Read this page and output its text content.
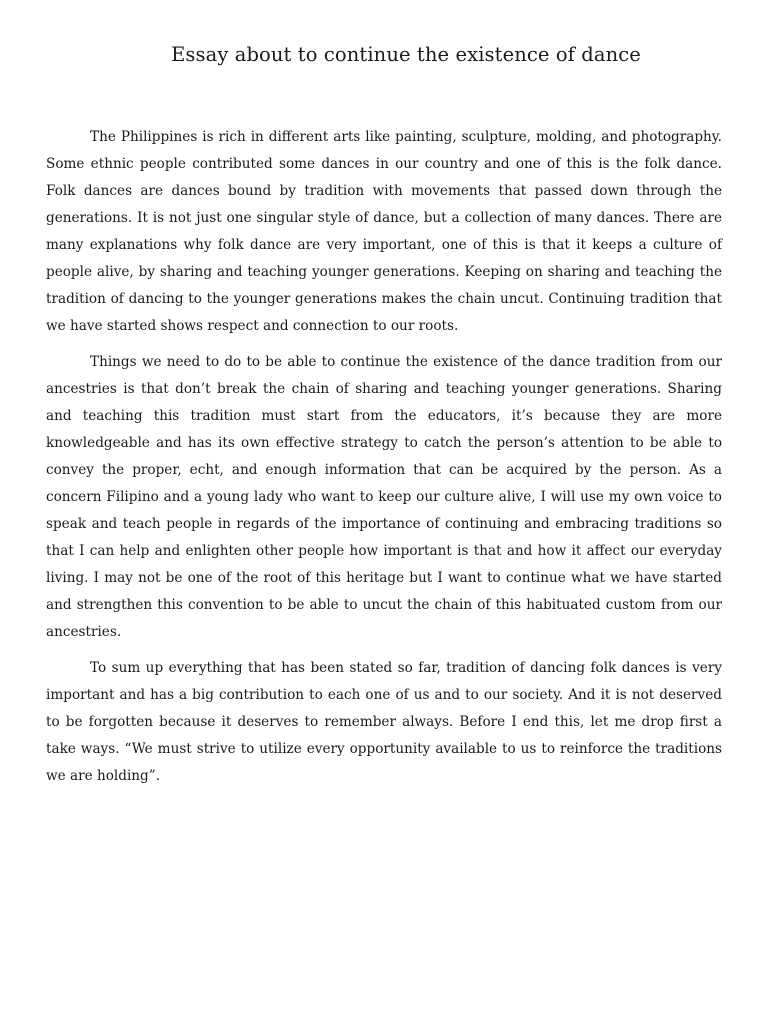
Essay about to continue the existence of dance

The Philippines is rich in different arts like painting, sculpture, molding, and photography. Some ethnic people contributed some dances in our country and one of this is the folk dance. Folk dances are dances bound by tradition with movements that passed down through the generations. It is not just one singular style of dance, but a collection of many dances. There are many explanations why folk dance are very important, one of this is that it keeps a culture of people alive, by sharing and teaching younger generations. Keeping on sharing and teaching the tradition of dancing to the younger generations makes the chain uncut. Continuing tradition that we have started shows respect and connection to our roots.

Things we need to do to be able to continue the existence of the dance tradition from our ancestries is that don’t break the chain of sharing and teaching younger generations. Sharing and teaching this tradition must start from the educators, it’s because they are more knowledgeable and has its own effective strategy to catch the person’s attention to be able to convey the proper, echt, and enough information that can be acquired by the person. As a concern Filipino and a young lady who want to keep our culture alive, I will use my own voice to speak and teach people in regards of the importance of continuing and embracing traditions so that I can help and enlighten other people how important is that and how it affect our everyday living. I may not be one of the root of this heritage but I want to continue what we have started and strengthen this convention to be able to uncut the chain of this habituated custom from our ancestries.

To sum up everything that has been stated so far, tradition of dancing folk dances is very important and has a big contribution to each one of us and to our society. And it is not deserved to be forgotten because it deserves to remember always. Before I end this, let me drop first a take ways. “We must strive to utilize every opportunity available to us to reinforce the traditions we are holding”.
